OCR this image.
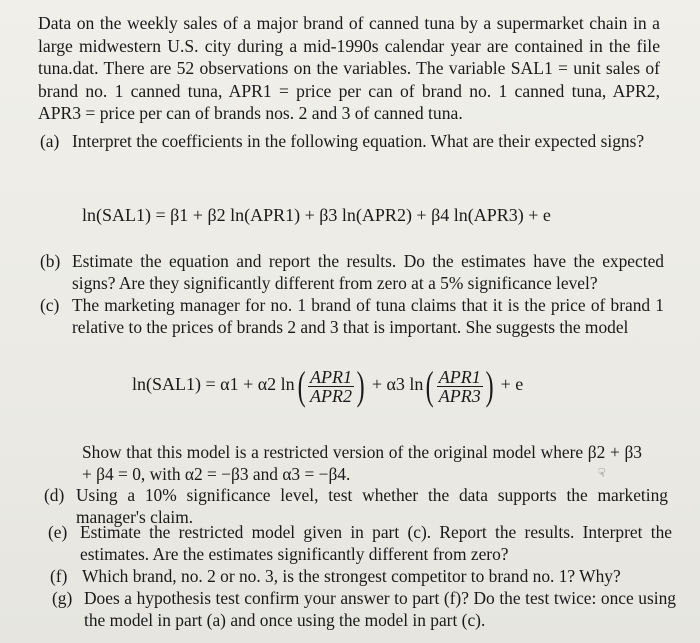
Data on the weekly sales of a major brand of canned tuna by a supermarket chain in a large midwestern U.S. city during a mid-1990s calendar year are contained in the file tuna.dat. There are 52 observations on the variables. The variable SAL1 = unit sales of brand no. 1 canned tuna, APR1 = price per can of brand no. 1 canned tuna, APR2, APR3 = price per can of brands nos. 2 and 3 of canned tuna.
(a) Interpret the coefficients in the following equation. What are their expected signs?
ln(SAL1) = β1 + β2 ln(APR1) + β3 ln(APR2) + β4 ln(APR3) + e
(b) Estimate the equation and report the results. Do the estimates have the expected signs? Are they significantly different from zero at a 5% significance level?
(c) The marketing manager for no. 1 brand of tuna claims that it is the price of brand 1 relative to the prices of brands 2 and 3 that is important. She suggests the model
ln(SAL1) = α1 + α2 $\ln( \frac{\text{APR1}}{\text{APR2}}$ ) + α3 $\ln( \frac{\text{APR1}}{\text{APR3}}$ ) + e
Show that this model is a restricted version of the original model where β2 + β3 + β4 = 0, with α2 = −β3 and α3 = −β4.	☟
(d) Using a 10% significance level, test whether the data supports the marketing manager's claim.
(e) Estimate the restricted model given in part (c). Report the results. Interpret the estimates. Are the estimates significantly different from zero?
(f) Which brand, no. 2 or no. 3, is the strongest competitor to brand no. 1? Why?
(g) Does a hypothesis test confirm your answer to part (f)? Do the test twice: once using the model in part (a) and once using the model in part (c).
